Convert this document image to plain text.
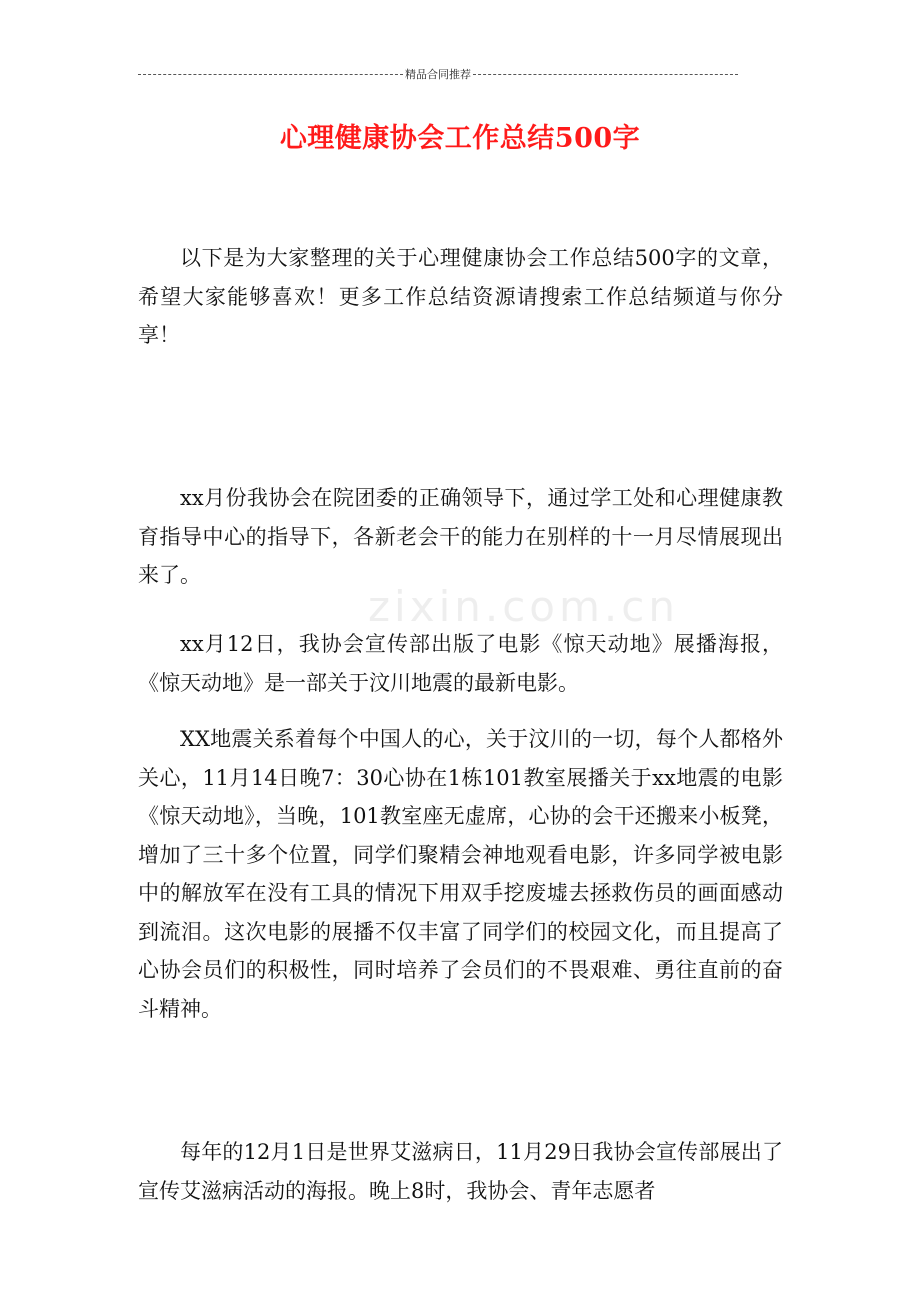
精品合同推荐
心理健康协会工作总结500字
zixin.com.cn

以下是为大家整理的关于心理健康协会工作总结500字的文章，希望大家能够喜欢！更多工作总结资源请搜索工作总结频道与你分享！

xx月份我协会在院团委的正确领导下，通过学工处和心理健康教育指导中心的指导下，各新老会干的能力在别样的十一月尽情展现出来了。

xx月12日，我协会宣传部出版了电影《惊天动地》展播海报，《惊天动地》是一部关于汶川地震的最新电影。

XX地震关系着每个中国人的心，关于汶川的一切，每个人都格外关心，11月14日晚7：30心协在1栋101教室展播关于xx地震的电影《惊天动地》，当晚，101教室座无虚席，心协的会干还搬来小板凳，增加了三十多个位置，同学们聚精会神地观看电影，许多同学被电影中的解放军在没有工具的情况下用双手挖废墟去拯救伤员的画面感动到流泪。这次电影的展播不仅丰富了同学们的校园文化，而且提高了心协会员们的积极性，同时培养了会员们的不畏艰难、勇往直前的奋斗精神。

每年的12月1日是世界艾滋病日，11月29日我协会宣传部展出了宣传艾滋病活动的海报。晚上8时，我协会、青年志愿者
